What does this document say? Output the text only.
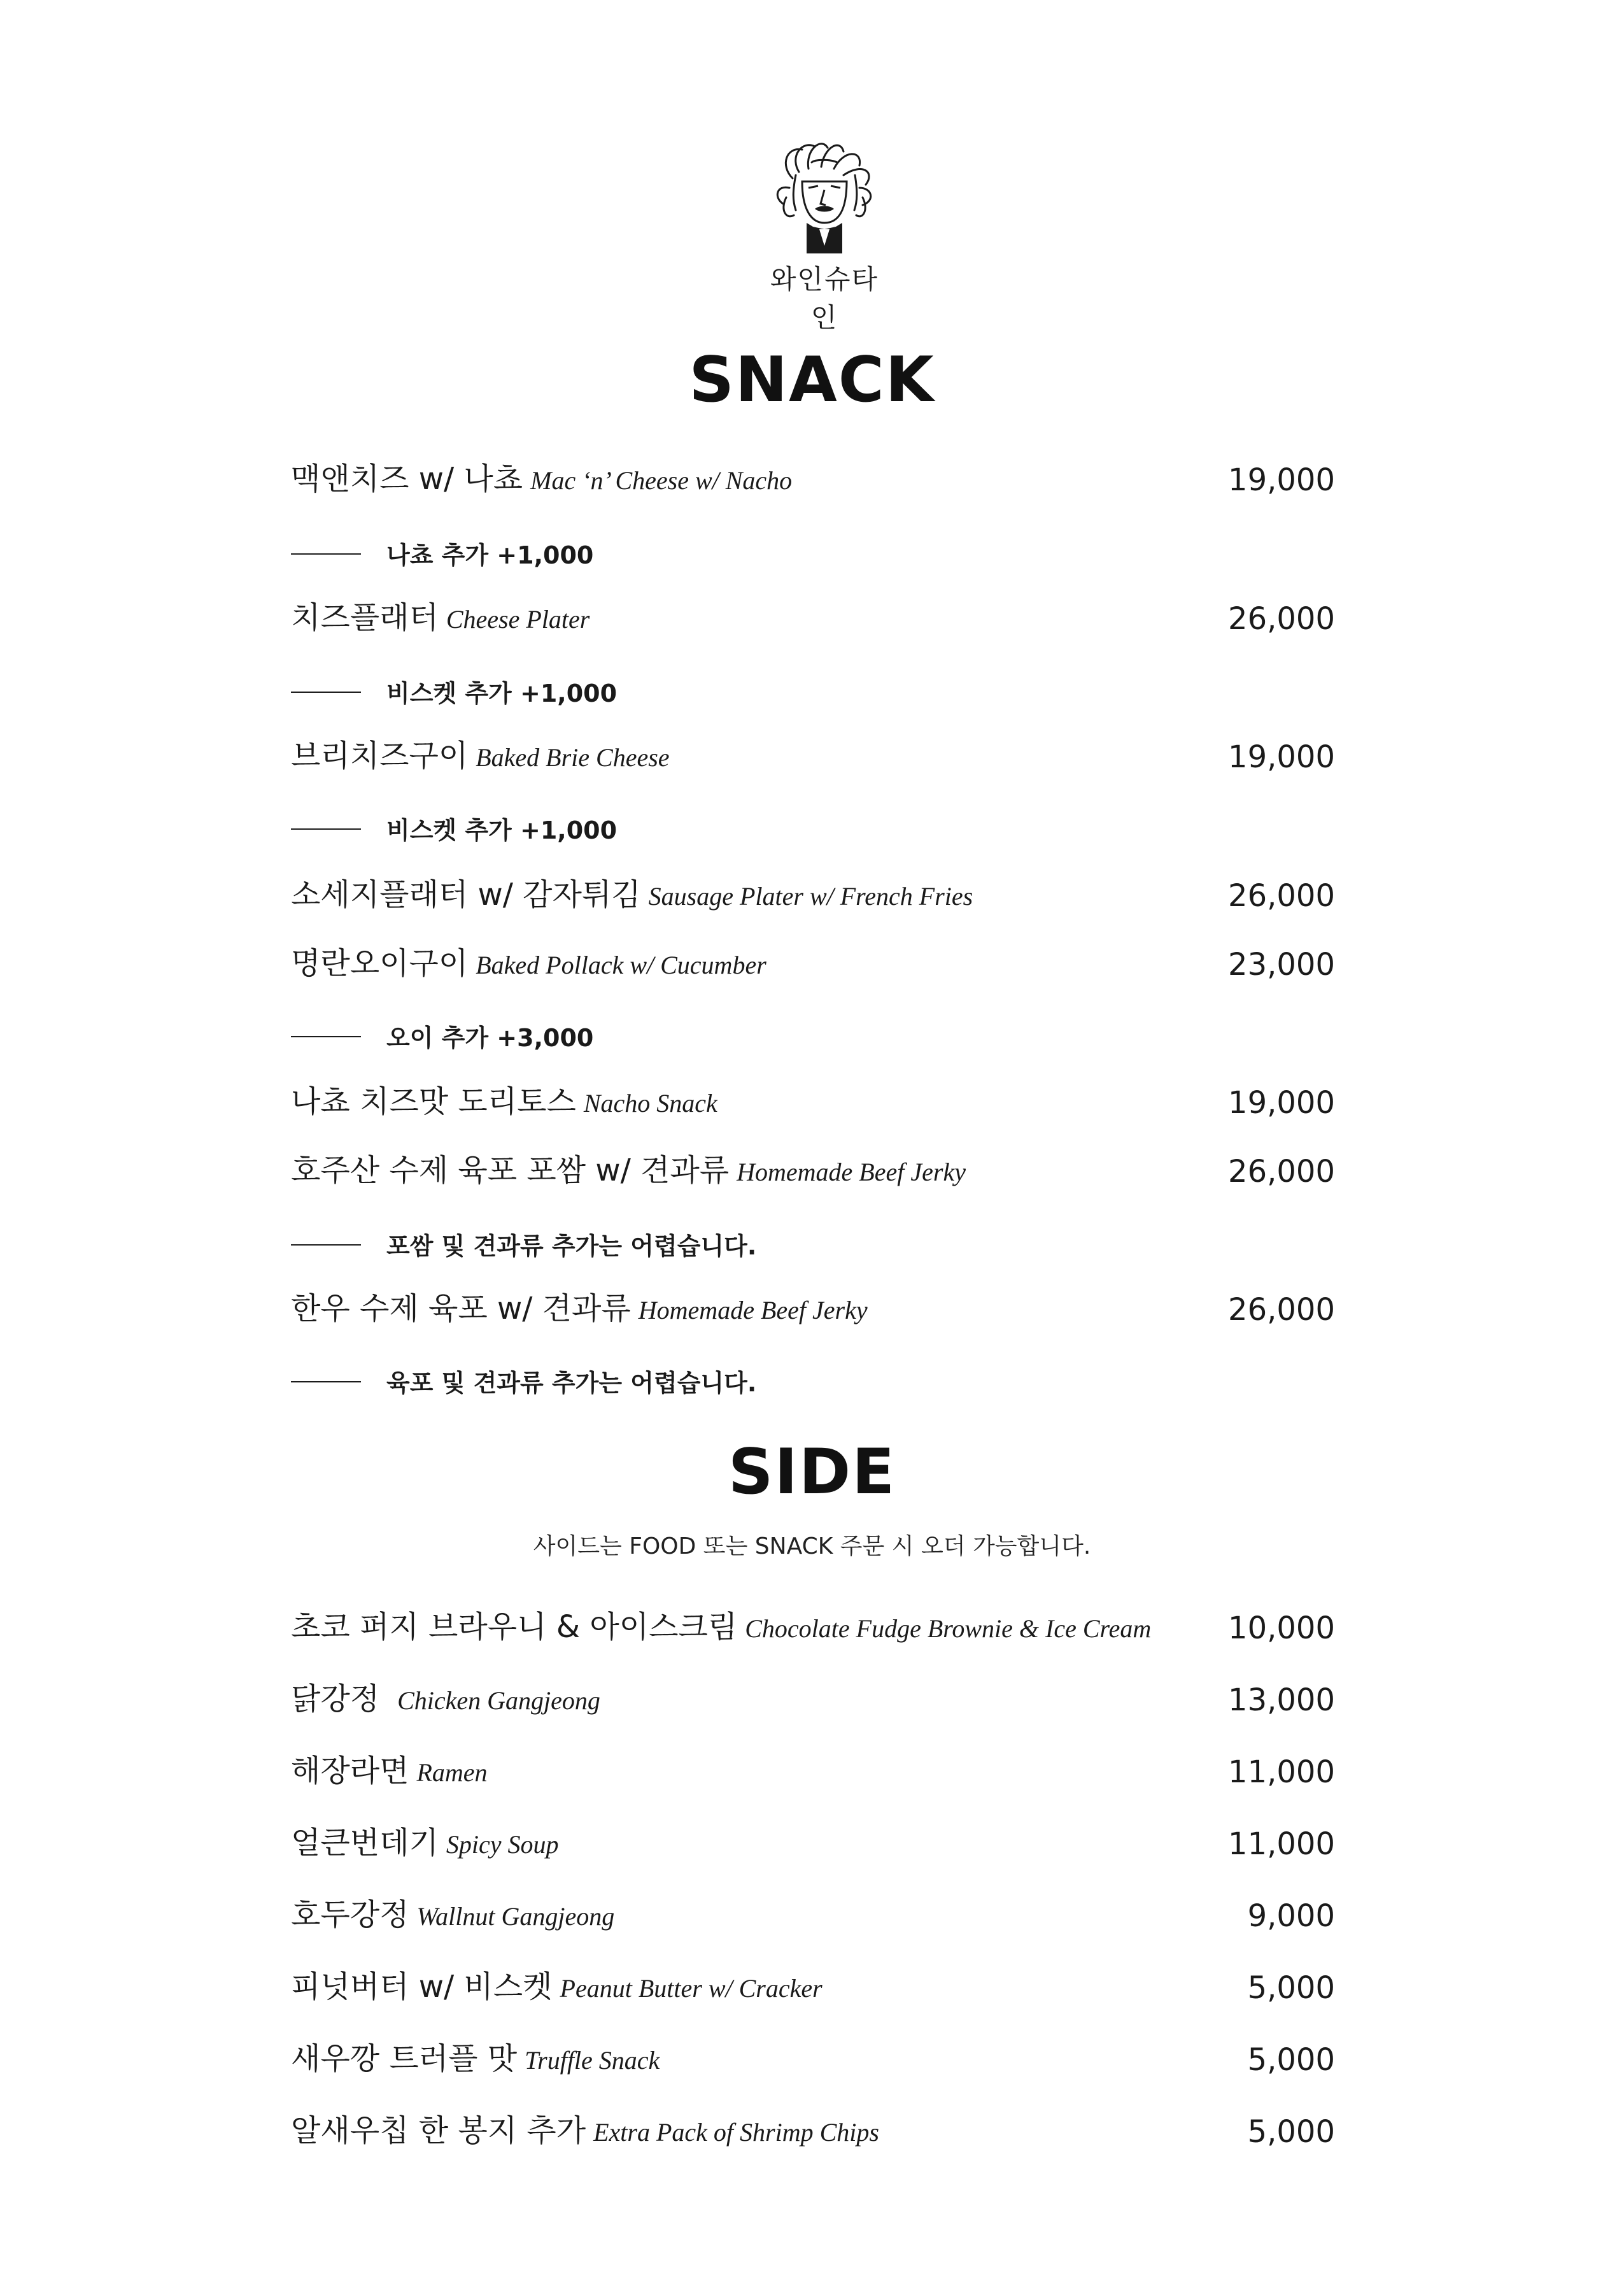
와인슈타인
SNACK
맥앤치즈 w/ 나쵸 Mac ‘n’ Cheese w/ Nacho	19,000
나쵸 추가 +1,000
치즈플래터 Cheese Plater	26,000
비스켓 추가 +1,000
브리치즈구이 Baked Brie Cheese	19,000
비스켓 추가 +1,000
소세지플래터 w/ 감자튀김 Sausage Plater w/ French Fries	26,000
명란오이구이 Baked Pollack w/ Cucumber	23,000
오이 추가 +3,000
나쵸 치즈맛 도리토스 Nacho Snack	19,000
호주산 수제 육포 포쌈 w/ 견과류 Homemade Beef Jerky	26,000
포쌈 및 견과류 추가는 어렵습니다.
한우 수제 육포 w/ 견과류 Homemade Beef Jerky	26,000
육포 및 견과류 추가는 어렵습니다.
SIDE
사이드는 FOOD 또는 SNACK 주문 시 오더 가능합니다.
초코 퍼지 브라우니 & 아이스크림 Chocolate Fudge Brownie & Ice Cream	10,000
닭강정 Chicken Gangjeong	13,000
해장라면 Ramen	11,000
얼큰번데기 Spicy Soup	11,000
호두강정 Wallnut Gangjeong	9,000
피넛버터 w/ 비스켓 Peanut Butter w/ Cracker	5,000
새우깡 트러플 맛 Truffle Snack	5,000
알새우칩 한 봉지 추가 Extra Pack of Shrimp Chips	5,000
